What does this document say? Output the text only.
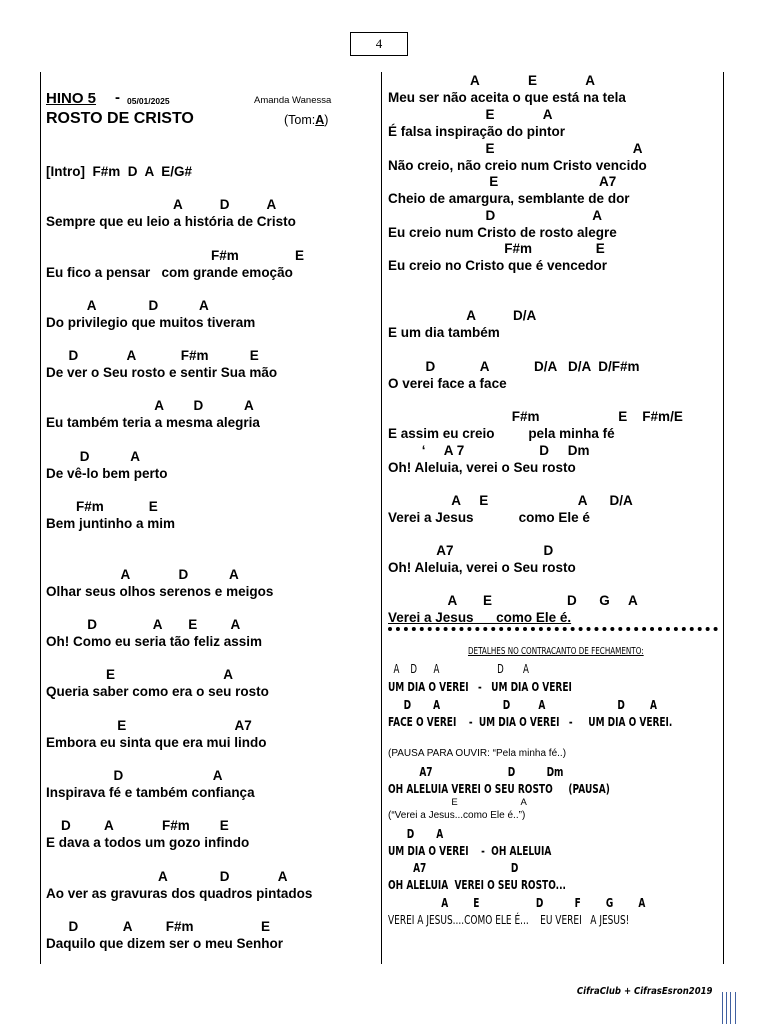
4
HINO 5 - 05/01/2025	Amanda Wanessa
ROSTO DE CRISTO	(Tom:A)
[Intro]  F#m  D  A  E/G#
A          D          A
Sempre que eu leio a história de Cristo
F#m               E
Eu fico a pensar   com grande emoção
A              D           A
Do privilegio que muitos tiveram
D             A            F#m           E
De ver o Seu rosto e sentir Sua mão
A        D           A
Eu também teria a mesma alegria
D           A
De vê-lo bem perto
F#m            E
Bem juntinho a mim
A             D           A
Olhar seus olhos serenos e meigos
D               A       E         A
Oh! Como eu seria tão feliz assim
E                             A
Queria saber como era o seu rosto
E                             A7
Embora eu sinta que era mui lindo
D                        A
Inspirava fé e também confiança
D         A             F#m        E
E dava a todos um gozo infindo
A              D             A
Ao ver as gravuras dos quadros pintados
D            A         F#m                  E
Daquilo que dizem ser o meu Senhor
A             E             A
Meu ser não aceita o que está na tela
E             A
É falsa inspiração do pintor
E                                     A
Não creio, não creio num Cristo vencido
E                           A7
Cheio de amargura, semblante de dor
D                          A
Eu creio num Cristo de rosto alegre
F#m                 E
Eu creio no Cristo que é vencedor
A          D/A
E um dia também
D            A            D/A   D/A  D/F#m
O verei face a face
F#m                     E    F#m/E
E assim eu creio         pela minha fé
‘     A 7                    D     Dm
Oh! Aleluia, verei o Seu rosto
A     E                        A      D/A
Verei a Jesus            como Ele é
A7                        D
Oh! Aleluia, verei o Seu rosto
A       E                    D      G     A
Verei a Jesus      como Ele é.
DETALHES NO CONTRACANTO DE FECHAMENTO:
A    D      A                     D       A
UM DIA O VEREI   -   UM DIA O VEREI
D       A                    D         A                       D        A
FACE O VEREI    -  UM DIA O VEREI   -     UM DIA O VEREI.
(PAUSA PARA OUVIR: “Pela minha fé..)
A7                        D          Dm
OH ALELUIA VEREI O SEU ROSTO     (PAUSA)
E                        A
(“Verei a Jesus...como Ele é..”)
D       A
UM DIA O VEREI    -  OH ALELUIA
A7                           D
OH ALELUIA  VEREI O SEU ROSTO...
A        E                  D          F        G        A
VEREI A JESUS....COMO ELE É...    EU VEREI   A JESUS!
CifraClub + CifrasEsron2019
